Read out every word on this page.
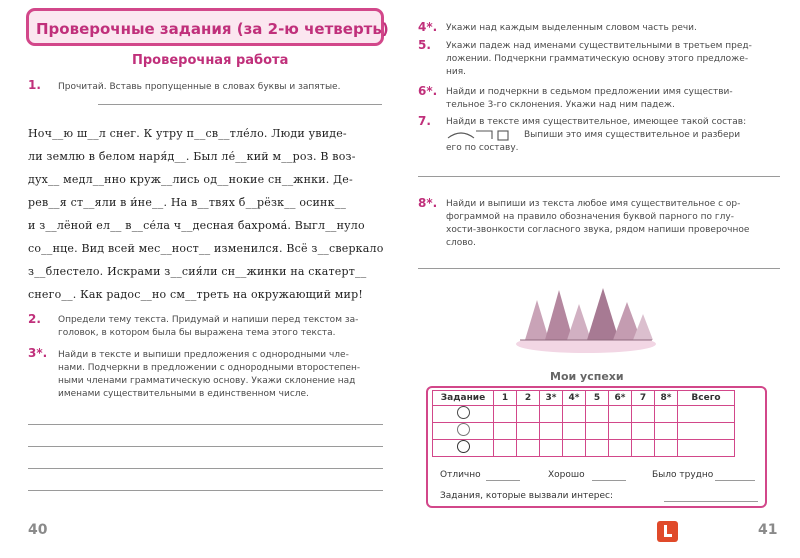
Проверочные задания (за 2-ю четверть)
Проверочная работа
1. Прочитай. Вставь пропущенные в словах буквы и запятые.
Ноч__ю ш__л снег. К утру п__св__тле́ло. Люди увиде-
ли землю в белом наря́д__. Был ле́__кий м__роз. В воз-
дух__ медл__нно круж__лись од__нокие сн__жнки. Де-
рев__я ст__яли в и́не__. На в__твях б__рёзк__ осинк__
и з__лёной ел__ в__се́ла ч__десная бахрома́. Выгл__нуло
со__нце. Вид всей мес__ност__ изменился. Всё з__сверкало
з__блестело. Искрами з__сия́ли сн__жинки на скатерт__
снего__. Как радос__но см__треть на окружающий мир!
2. Определи тему текста. Придумай и напиши перед текстом за-
головок, в котором была бы выражена тема этого текста.
3*. Найди в тексте и выпиши предложения с однородными чле-
нами. Подчеркни в предложении с однородными второстепен-
ными членами грамматическую основу. Укажи склонение над
именами существительными в единственном числе.
40
4*. Укажи над каждым выделенным словом часть речи.
5. Укажи падеж над именами существительными в третьем пред-
ложении. Подчеркни грамматическую основу этого предложе-
ния.
6*. Найди и подчеркни в седьмом предложении имя существи-
тельное 3-го склонения. Укажи над ним падеж.
7. Найди в тексте имя существительное, имеющее такой состав:
Выпиши это имя существительное и разбери
его по составу.
8*. Найди и выпиши из текста любое имя существительное с ор-
фограммой на правило обозначения буквой парного по глу-
хости-звонкости согласного звука, рядом напиши проверочное
слово.
Мои успехи
Задание	1	2	3*	4*	5	6*	7	8*	Всего

Отлично	Хорошо	Было трудно
Задания, которые вызвали интерес:
41
